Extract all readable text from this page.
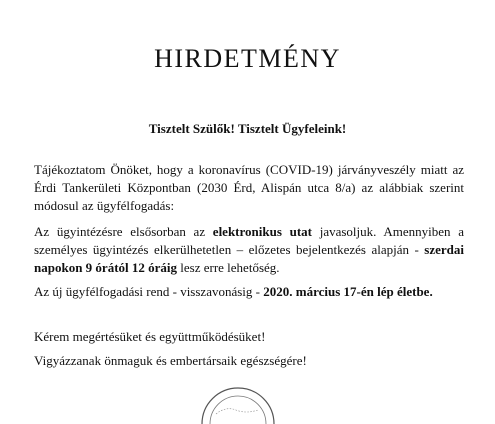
HIRDETMÉNY
Tisztelt Szülők! Tisztelt Ügyfeleink!

Tájékoztatom Önöket, hogy a koronavírus (COVID-19) járványveszély miatt az Érdi Tankerületi Központban (2030 Érd, Alispán utca 8/a) az alábbiak szerint módosul az ügyfélfogadás:

Az ügyintézésre elsősorban az elektronikus utat javasoljuk. Amennyiben a személyes ügyintézés elkerülhetetlen – előzetes bejelentkezés alapján - szerdai napokon 9 órától 12 óráig lesz erre lehetőség.

Az új ügyfélfogadási rend - visszavonásig - 2020. március 17-én lép életbe.

Kérem megértésüket és együttműködésüket!

Vigyázzanak önmaguk és embertársaik egészségére!
